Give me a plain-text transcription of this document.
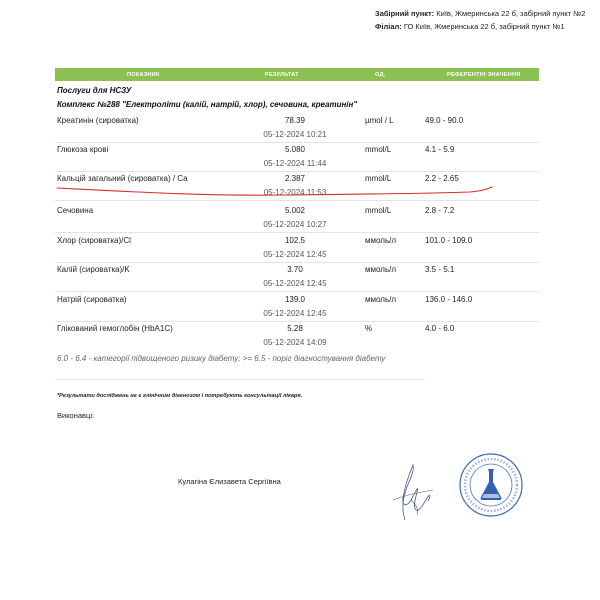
Забірний пункт: Київ, Жмеринська 22 б, забірний пункт №2
Філіал: ГО Київ, Жмеринська 22 б, забірний пункт №1
ПОКАЗНИК	РЕЗУЛЬТАТ	ОД.	РЕФЕРЕНТНІ ЗНАЧЕННЯ
Послуги для НСЗУ
Комплекс №288 "Електроліти (калій, натрій, хлор), сечовина, креатинін"
Креатинін (сироватка)	78.39	µmol / L	49.0 - 90.0
05-12-2024 10:21
Глюкоза крові	5.080	mmol/L	4.1 - 5.9
05-12-2024 11:44
Кальцій загальний (сироватка) / Ca	2.387	mmol/L	2.2 - 2.65
05-12-2024 11:53
Сечовина	5.002	mmol/L	2.8 - 7.2
05-12-2024 10:27
Хлор (сироватка)/Cl	102.5	ммоль/л	101.0 - 109.0
05-12-2024 12:45
Калій (сироватка)/K	3.70	ммоль/л	3.5 - 5.1
05-12-2024 12:45
Натрій (сироватка)	139.0	ммоль/л	136.0 - 146.0
05-12-2024 12:45
Глікований гемоглобін (HbA1C)	5.28	%	4.0 - 6.0
05-12-2024 14:09
6.0 - 6.4 - категорії підвищеного ризику діабету; >= 6.5 - поріг діагностування діабету
*Результати досліджень не є клінічним діагнозом і потребують консультації лікаря.
Виконавці:
Кулагіна Єлизавета Сергіївна
